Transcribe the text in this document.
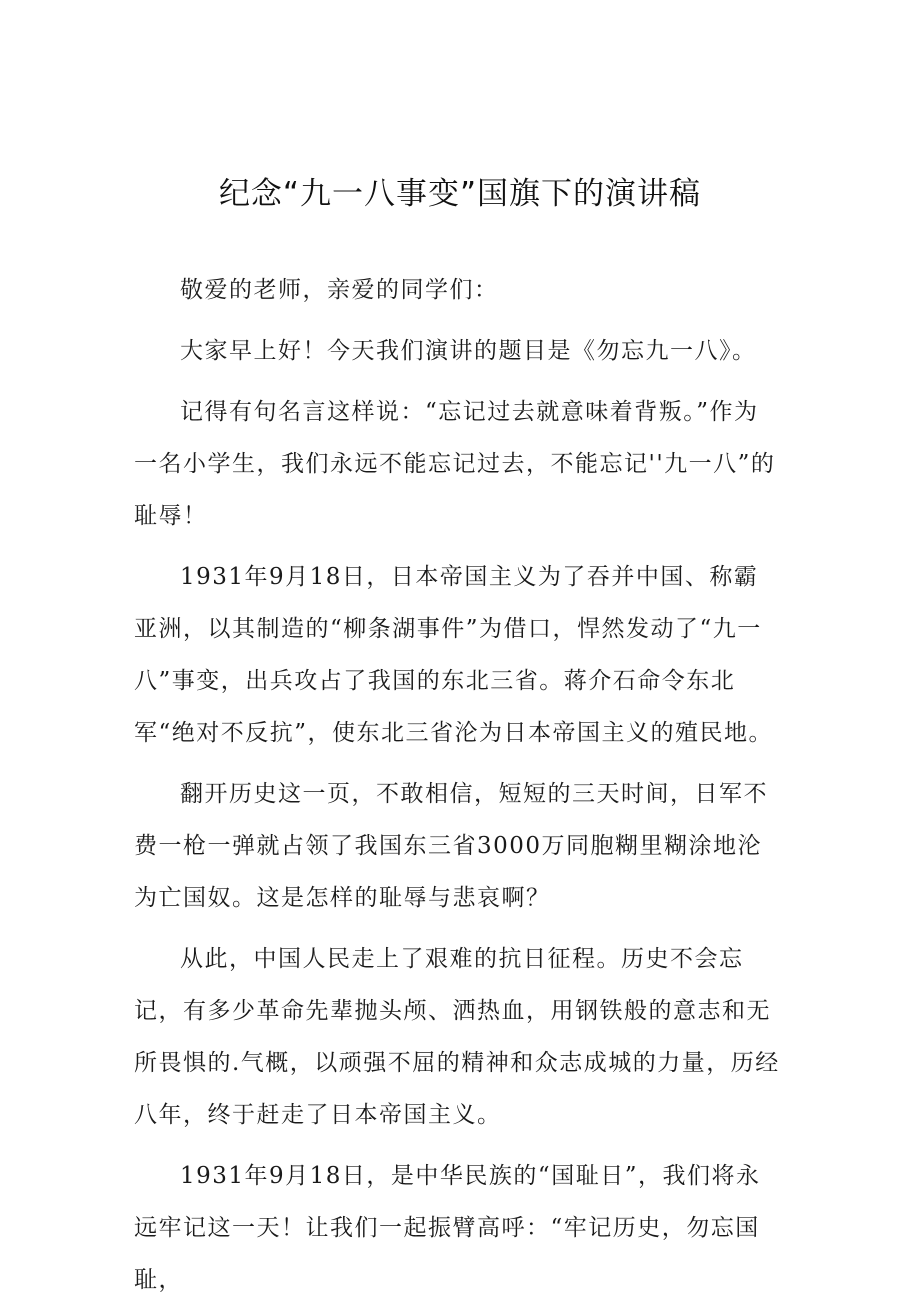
纪念“九一八事变”国旗下的演讲稿

敬爱的老师，亲爱的同学们：

大家早上好！今天我们演讲的题目是《勿忘九一八》。

记得有句名言这样说：“忘记过去就意味着背叛。”作为一名小学生，我们永远不能忘记过去，不能忘记''九一八”的耻辱！

1931年9月18日，日本帝国主义为了吞并中国、称霸亚洲，以其制造的“柳条湖事件”为借口，悍然发动了“九一八”事变，出兵攻占了我国的东北三省。蒋介石命令东北军“绝对不反抗”，使东北三省沦为日本帝国主义的殖民地。

翻开历史这一页，不敢相信，短短的三天时间，日军不费一枪一弹就占领了我国东三省3000万同胞糊里糊涂地沦为亡国奴。这是怎样的耻辱与悲哀啊？

从此，中国人民走上了艰难的抗日征程。历史不会忘记，有多少革命先辈抛头颅、洒热血，用钢铁般的意志和无所畏惧的.气概，以顽强不屈的精神和众志成城的力量，历经八年，终于赶走了日本帝国主义。

1931年9月18日，是中华民族的“国耻日”，我们将永远牢记这一天！让我们一起振臂高呼：“牢记历史，勿忘国耻，
